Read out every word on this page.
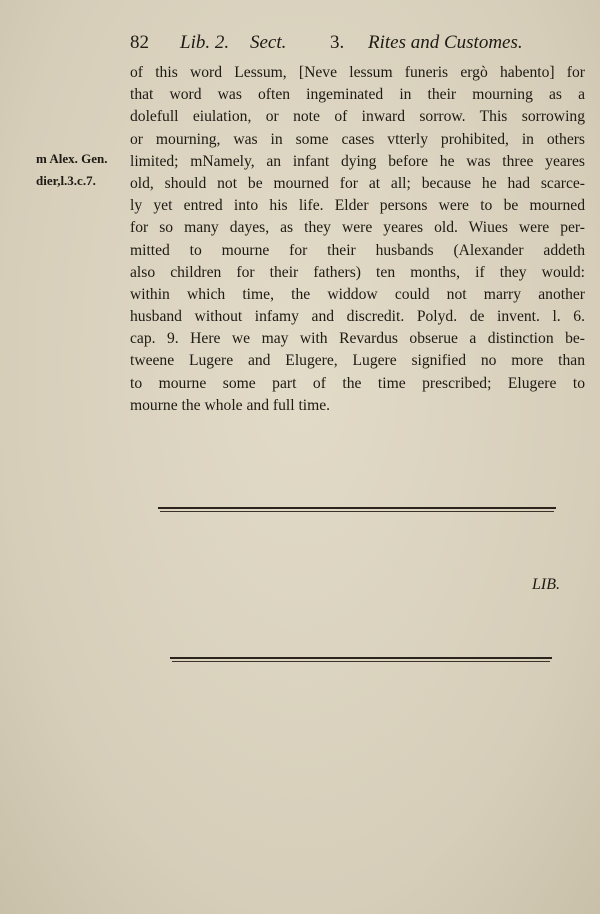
82 Lib. 2. Sect. 3. Rites and Customes.
m Alex. Gen.
dier,l.3.c.7.
of this word Lessum, [Neve lessum funeris ergò habento] for
that word was often ingeminated in their mourning as a
dolefull eiulation, or note of inward sorrow. This sorrowing
or mourning, was in some cases vtterly prohibited, in others
limited; mNamely, an infant dying before he was three yeares
old, should not be mourned for at all; because he had scarce-
ly yet entred into his life. Elder persons were to be mourned
for so many dayes, as they were yeares old. Wiues were per-
mitted to mourne for their husbands (Alexander addeth
also children for their fathers) ten months, if they would:
within which time, the widdow could not marry another
husband without infamy and discredit. Polyd. de invent. l. 6.
cap. 9. Here we may with Revardus obserue a distinction be-
tweene Lugere and Elugere, Lugere signified no more than
to mourne some part of the time prescribed; Elugere to
mourne the whole and full time.
LIB.
